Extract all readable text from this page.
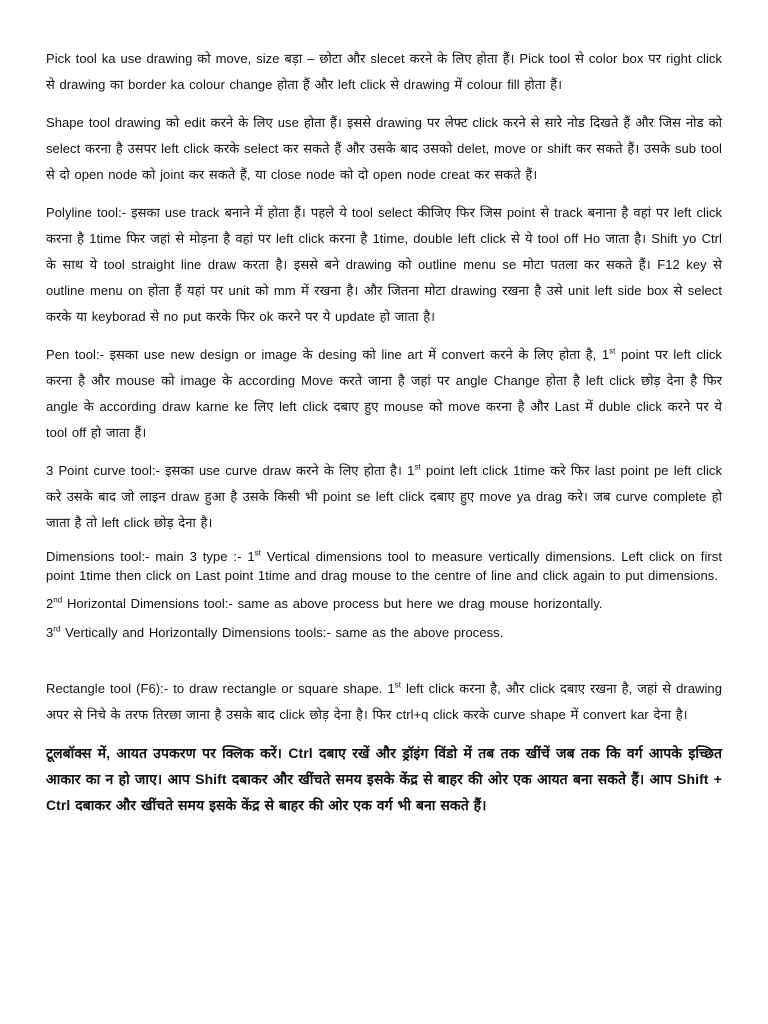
Pick tool ka use drawing को move, size बड़ा – छोटा और slecet करने के लिए होता हैं। Pick tool से color box पर right click से drawing का border ka colour change होता हैं और left click से drawing में colour fill होता हैं।

Shape tool drawing को edit करने के लिए use होता हैं। इससे drawing पर लेफ्ट click करने से सारे नोड दिखते हैं और जिस नोड को select करना है उसपर left click करके select कर सकते हैं और उसके बाद उसको delet, move or shift कर सकते हैं। उसके sub tool से दो open node को joint कर सकते हैं, या close node को दो open node creat कर सकते हैं।

Polyline tool:- इसका use track बनाने में होता हैं। पहले ये tool select कीजिए फिर जिस point से track बनाना है वहां पर left click करना है 1time फिर जहां से मोड़ना है वहां पर left click करना है 1time, double left click से ये tool off Ho जाता है। Shift yo Ctrl के साथ ये tool straight line draw करता है। इससे बने drawing को outline menu se मोटा पतला कर सकते हैं। F12 key से outline menu on होता हैं यहां पर unit को mm में रखना है। और जितना मोटा drawing रखना है उसे unit left side box से select करके या keyborad से no put करके फिर ok करने पर ये update हो जाता है।

Pen tool:- इसका use new design or image के desing को line art में convert करने के लिए होता है, 1st point पर left click करना है और mouse को image के according Move करते जाना है जहां पर angle Change होता है left click छोड़ देना है फिर angle के according draw karne ke लिए left click दबाए हुए mouse को move करना है और Last में duble click करने पर ये tool off हो जाता हैं।

3 Point curve tool:- इसका use curve draw करने के लिए होता है। 1st point left click 1time करे फिर last point pe left click करे उसके बाद जो लाइन draw हुआ है उसके किसी भी point se left click दबाए हुए move ya drag करे। जब curve complete हो जाता है तो left click छोड़ देना है।

Dimensions tool:- main 3 type :- 1st Vertical dimensions tool to measure vertically dimensions. Left click on first point 1time then click on Last point 1time and drag mouse to the centre of line and click again to put dimensions.

2nd Horizontal Dimensions tool:- same as above process but here we drag mouse horizontally.

3rd Vertically and Horizontally Dimensions tools:- same as the above process.

Rectangle tool (F6):- to draw rectangle or square shape. 1st left click करना है, और click दबाए रखना है, जहां से drawing अपर से निचे के तरफ तिरछा जाना है उसके बाद click छोड़ देना है। फिर ctrl+q click करके curve shape में convert kar देना है।

टूलबॉक्स में, आयत उपकरण पर क्लिक करें। Ctrl दबाए रखें और ड्रॉइंग विंडो में तब तक खींचें जब तक कि वर्ग आपके इच्छित आकार का न हो जाए। आप Shift दबाकर और खींचते समय इसके केंद्र से बाहर की ओर एक आयत बना सकते हैं। आप Shift + Ctrl दबाकर और खींचते समय इसके केंद्र से बाहर की ओर एक वर्ग भी बना सकते हैं।
